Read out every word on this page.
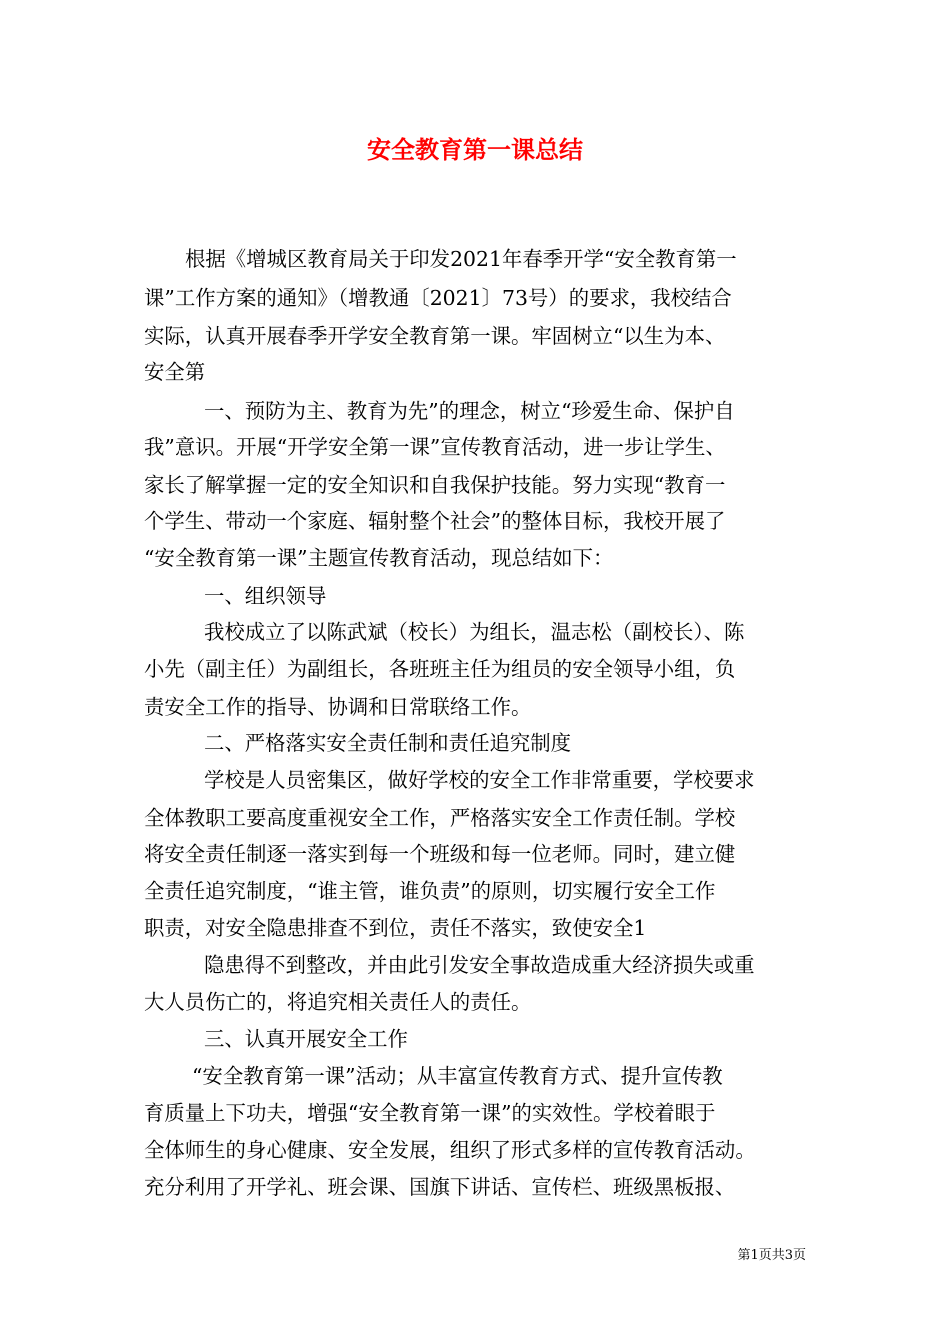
安全教育第一课总结
根据《增城区教育局关于印发2021年春季开学“安全教育第一
课”工作方案的通知》（增教通〔2021〕73号）的要求，我校结合
实际，认真开展春季开学安全教育第一课。牢固树立“以生为本、
安全第
一、预防为主、教育为先”的理念，树立“珍爱生命、保护自
我”意识。开展“开学安全第一课”宣传教育活动，进一步让学生、
家长了解掌握一定的安全知识和自我保护技能。努力实现“教育一
个学生、带动一个家庭、辐射整个社会”的整体目标，我校开展了
“安全教育第一课”主题宣传教育活动，现总结如下：
一、组织领导
我校成立了以陈武斌（校长）为组长，温志松（副校长）、陈
小先（副主任）为副组长，各班班主任为组员的安全领导小组，负
责安全工作的指导、协调和日常联络工作。
二、严格落实安全责任制和责任追究制度
学校是人员密集区，做好学校的安全工作非常重要，学校要求
全体教职工要高度重视安全工作，严格落实安全工作责任制。学校
将安全责任制逐一落实到每一个班级和每一位老师。同时，建立健
全责任追究制度，“谁主管，谁负责”的原则，切实履行安全工作
职责，对安全隐患排查不到位，责任不落实，致使安全1
隐患得不到整改，并由此引发安全事故造成重大经济损失或重
大人员伤亡的，将追究相关责任人的责任。
三、认真开展安全工作
“安全教育第一课”活动；从丰富宣传教育方式、提升宣传教
育质量上下功夫，增强“安全教育第一课”的实效性。学校着眼于
全体师生的身心健康、安全发展，组织了形式多样的宣传教育活动。
充分利用了开学礼、班会课、国旗下讲话、宣传栏、班级黑板报、
第1页共3页
